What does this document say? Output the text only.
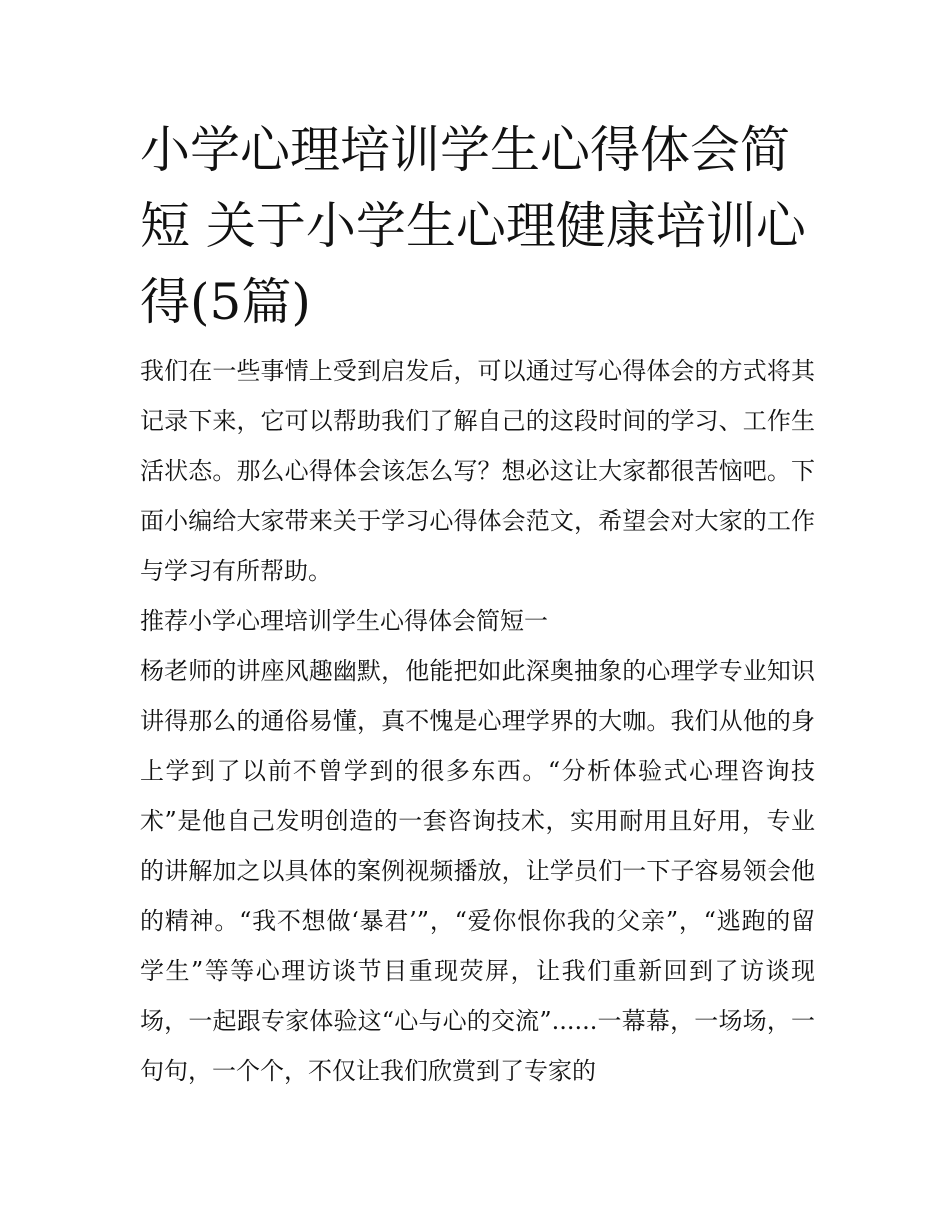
小学心理培训学生心得体会简短 关于小学生心理健康培训心得(5篇)

我们在一些事情上受到启发后，可以通过写心得体会的方式将其记录下来，它可以帮助我们了解自己的这段时间的学习、工作生活状态。那么心得体会该怎么写？想必这让大家都很苦恼吧。下面小编给大家带来关于学习心得体会范文，希望会对大家的工作与学习有所帮助。

推荐小学心理培训学生心得体会简短一

杨老师的讲座风趣幽默，他能把如此深奥抽象的心理学专业知识讲得那么的通俗易懂，真不愧是心理学界的大咖。我们从他的身上学到了以前不曾学到的很多东西。“分析体验式心理咨询技术”是他自己发明创造的一套咨询技术，实用耐用且好用，专业的讲解加之以具体的案例视频播放，让学员们一下子容易领会他的精神。“我不想做‘暴君’”，“爱你恨你我的父亲”，“逃跑的留学生”等等心理访谈节目重现荧屏，让我们重新回到了访谈现场，一起跟专家体验这“心与心的交流”......一幕幕，一场场，一句句，一个个，不仅让我们欣赏到了专家的
